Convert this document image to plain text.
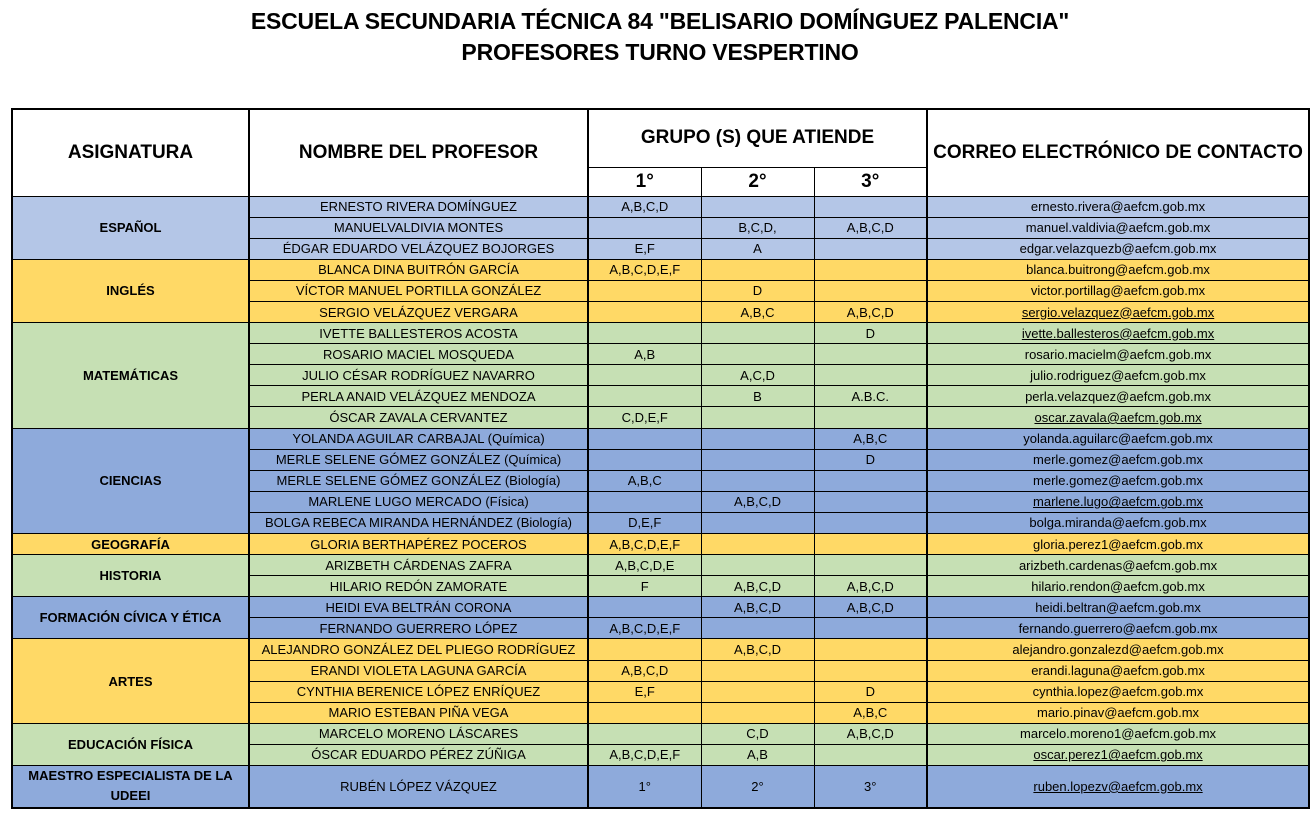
ESCUELA SECUNDARIA TÉCNICA 84 "BELISARIO DOMÍNGUEZ PALENCIA"
PROFESORES TURNO VESPERTINO
ASIGNATURA	NOMBRE DEL PROFESOR	GRUPO (S) QUE ATIENDE			CORREO ELECTRÓNICO DE CONTACTO
		1°	2°	3°	
ESPAÑOL	ERNESTO RIVERA DOMÍNGUEZ	A,B,C,D			ernesto.rivera@aefcm.gob.mx
	MANUELVALDIVIA MONTES		B,C,D,	A,B,C,D	manuel.valdivia@aefcm.gob.mx
	ÉDGAR EDUARDO VELÁZQUEZ BOJORGES	E,F	A		edgar.velazquezb@aefcm.gob.mx
INGLÉS	BLANCA DINA BUITRÓN GARCÍA	A,B,C,D,E,F			blanca.buitrong@aefcm.gob.mx
	VÍCTOR MANUEL PORTILLA GONZÁLEZ		D		victor.portillag@aefcm.gob.mx
	SERGIO VELÁZQUEZ VERGARA		A,B,C	A,B,C,D	sergio.velazquez@aefcm.gob.mx
MATEMÁTICAS	IVETTE BALLESTEROS ACOSTA			D	ivette.ballesteros@aefcm.gob.mx
	ROSARIO MACIEL MOSQUEDA	A,B			rosario.macielm@aefcm.gob.mx
	JULIO CÉSAR RODRÍGUEZ NAVARRO		A,C,D		julio.rodriguez@aefcm.gob.mx
	PERLA ANAID VELÁZQUEZ MENDOZA		B	A.B.C.	perla.velazquez@aefcm.gob.mx
	ÓSCAR ZAVALA CERVANTEZ	C,D,E,F			oscar.zavala@aefcm.gob.mx
CIENCIAS	YOLANDA AGUILAR CARBAJAL (Química)			A,B,C	yolanda.aguilarc@aefcm.gob.mx
	MERLE SELENE GÓMEZ GONZÁLEZ (Química)			D	merle.gomez@aefcm.gob.mx
	MERLE SELENE GÓMEZ GONZÁLEZ (Biología)	A,B,C			merle.gomez@aefcm.gob.mx
	MARLENE LUGO MERCADO (Física)		A,B,C,D		marlene.lugo@aefcm.gob.mx
	BOLGA REBECA MIRANDA HERNÁNDEZ (Biología)	D,E,F			bolga.miranda@aefcm.gob.mx
GEOGRAFÍA	GLORIA BERTHAPÉREZ POCEROS	A,B,C,D,E,F			gloria.perez1@aefcm.gob.mx
HISTORIA	ARIZBETH CÁRDENAS ZAFRA	A,B,C,D,E			arizbeth.cardenas@aefcm.gob.mx
	HILARIO REDÓN ZAMORATE	F	A,B,C,D	A,B,C,D	hilario.rendon@aefcm.gob.mx
FORMACIÓN CÍVICA Y ÉTICA	HEIDI EVA BELTRÁN CORONA		A,B,C,D	A,B,C,D	heidi.beltran@aefcm.gob.mx
	FERNANDO GUERRERO LÓPEZ	A,B,C,D,E,F			fernando.guerrero@aefcm.gob.mx
ARTES	ALEJANDRO GONZÁLEZ DEL PLIEGO RODRÍGUEZ		A,B,C,D		alejandro.gonzalezd@aefcm.gob.mx
	ERANDI VIOLETA LAGUNA GARCÍA	A,B,C,D			erandi.laguna@aefcm.gob.mx
	CYNTHIA BERENICE LÓPEZ ENRÍQUEZ	E,F		D	cynthia.lopez@aefcm.gob.mx
	MARIO ESTEBAN PIÑA VEGA			A,B,C	mario.pinav@aefcm.gob.mx
EDUCACIÓN FÍSICA	MARCELO MORENO LÁSCARES		C,D	A,B,C,D	marcelo.moreno1@aefcm.gob.mx
	ÓSCAR EDUARDO PÉREZ ZÚÑIGA	A,B,C,D,E,F	A,B		oscar.perez1@aefcm.gob.mx

MAESTRO ESPECIALISTA DE LA
UDEEI	RUBÉN LÓPEZ VÁZQUEZ	1°	2°	3°	ruben.lopezv@aefcm.gob.mx
